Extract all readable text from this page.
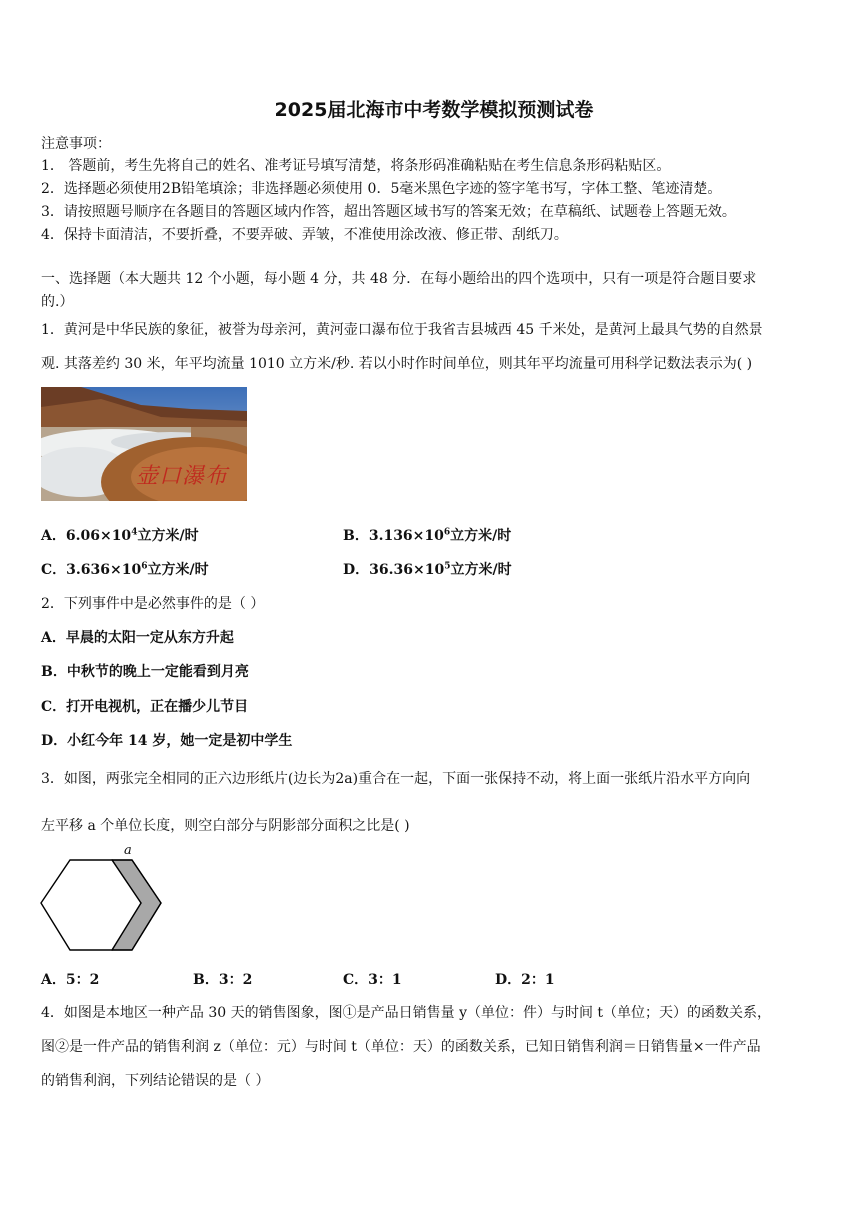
2025届北海市中考数学模拟预测试卷
注意事项：
1． 答题前，考生先将自己的姓名、准考证号填写清楚，将条形码准确粘贴在考生信息条形码粘贴区。
2．选择题必须使用2B铅笔填涂；非选择题必须使用 0．5毫米黑色字迹的签字笔书写，字体工整、笔迹清楚。
3．请按照题号顺序在各题目的答题区域内作答，超出答题区域书写的答案无效；在草稿纸、试题卷上答题无效。
4．保持卡面清洁，不要折叠，不要弄破、弄皱，不准使用涂改液、修正带、刮纸刀。
一、选择题（本大题共 12 个小题，每小题 4 分，共 48 分．在每小题给出的四个选项中，只有一项是符合题目要求
的.）
1．黄河是中华民族的象征，被誉为母亲河，黄河壶口瀑布位于我省吉县城西 45 千米处，是黄河上最具气势的自然景
观. 其落差约 30 米，年平均流量 1010 立方米/秒. 若以小时作时间单位，则其年平均流量可用科学记数法表示为( )
壶口瀑布
A．$6.06\times 10^4$立方米/时	B．$3.136\times 10^6$立方米/时
C．$3.636\times 10^6$立方米/时	D．$36.36\times 10^5$立方米/时
2．下列事件中是必然事件的是（ ）
A．早晨的太阳一定从东方升起
B．中秋节的晚上一定能看到月亮
C．打开电视机，正在播少儿节目
D．小红今年 14 岁，她一定是初中学生
3．如图，两张完全相同的正六边形纸片(边长为2a)重合在一起，下面一张保持不动，将上面一张纸片沿水平方向向
左平移 a 个单位长度，则空白部分与阴影部分面积之比是( )
a
A．5：2	B．3：2	C．3：1	D．2：1
4．如图是本地区一种产品 30 天的销售图象，图①是产品日销售量 y（单位：件）与时间 t（单位；天）的函数关系，
图②是一件产品的销售利润 z（单位：元）与时间 t（单位：天）的函数关系，已知日销售利润＝日销售量×一件产品
的销售利润，下列结论错误的是（ ）
